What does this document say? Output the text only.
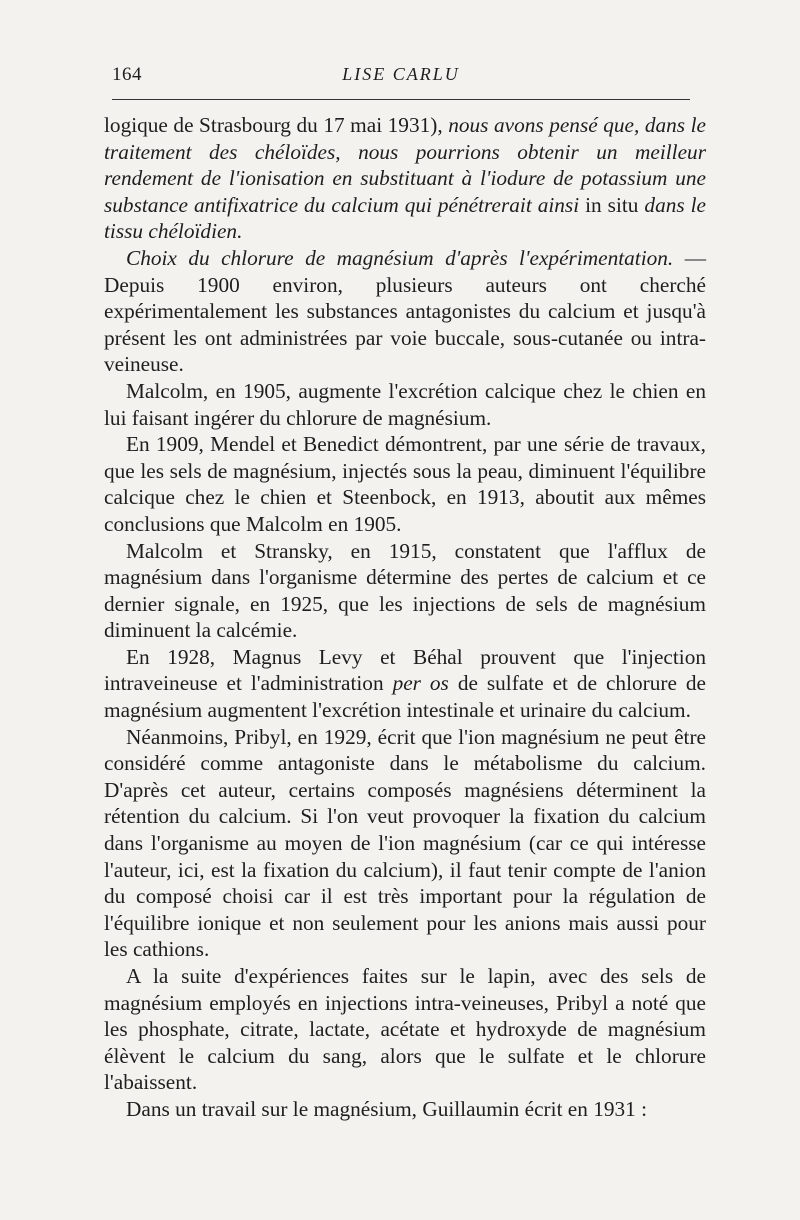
164	LISE CARLU

logique de Strasbourg du 17 mai 1931), nous avons pensé que, dans le traitement des chéloïdes, nous pourrions obtenir un meilleur rendement de l'ionisation en substituant à l'iodure de potassium une substance antifixatrice du calcium qui pénétrerait ainsi in situ dans le tissu chéloïdien.

Choix du chlorure de magnésium d'après l'expérimentation. — Depuis 1900 environ, plusieurs auteurs ont cherché expérimentalement les substances antagonistes du calcium et jusqu'à présent les ont administrées par voie buccale, sous-cutanée ou intra-veineuse.

Malcolm, en 1905, augmente l'excrétion calcique chez le chien en lui faisant ingérer du chlorure de magnésium.

En 1909, Mendel et Benedict démontrent, par une série de travaux, que les sels de magnésium, injectés sous la peau, diminuent l'équilibre calcique chez le chien et Steenbock, en 1913, aboutit aux mêmes conclusions que Malcolm en 1905.

Malcolm et Stransky, en 1915, constatent que l'afflux de magnésium dans l'organisme détermine des pertes de calcium et ce dernier signale, en 1925, que les injections de sels de magnésium diminuent la calcémie.

En 1928, Magnus Levy et Béhal prouvent que l'injection intraveineuse et l'administration per os de sulfate et de chlorure de magnésium augmentent l'excrétion intestinale et urinaire du calcium.

Néanmoins, Pribyl, en 1929, écrit que l'ion magnésium ne peut être considéré comme antagoniste dans le métabolisme du calcium. D'après cet auteur, certains composés magnésiens déterminent la rétention du calcium. Si l'on veut provoquer la fixation du calcium dans l'organisme au moyen de l'ion magnésium (car ce qui intéresse l'auteur, ici, est la fixation du calcium), il faut tenir compte de l'anion du composé choisi car il est très important pour la régulation de l'équilibre ionique et non seulement pour les anions mais aussi pour les cathions.

A la suite d'expériences faites sur le lapin, avec des sels de magnésium employés en injections intra-veineuses, Pribyl a noté que les phosphate, citrate, lactate, acétate et hydroxyde de magnésium élèvent le calcium du sang, alors que le sulfate et le chlorure l'abaissent.

Dans un travail sur le magnésium, Guillaumin écrit en 1931 :
